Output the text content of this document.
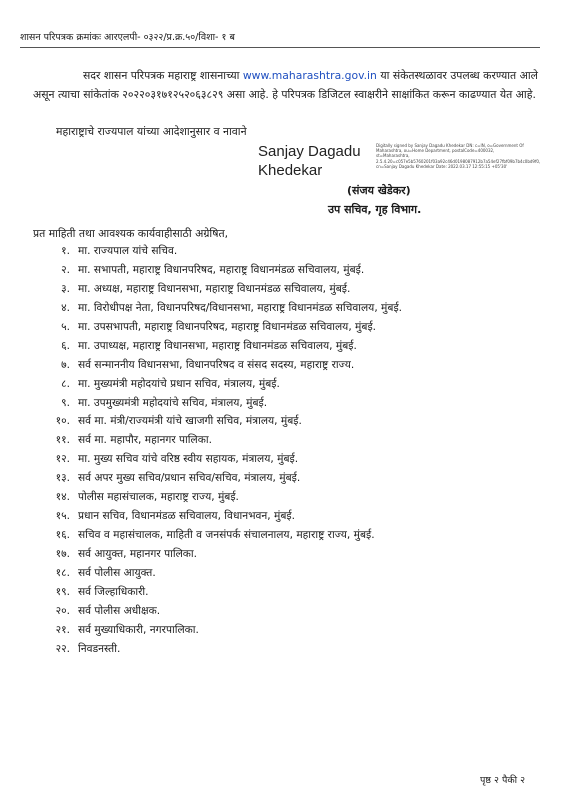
शासन परिपत्रक क्रमांकः आरएलपी- ०३२२/प्र.क्र.५०/विशा- १ ब
सदर शासन परिपत्रक महाराष्ट्र शासनाच्या www.maharashtra.gov.in या संकेतस्थळावर उपलब्ध करण्यात आले असून त्याचा सांकेतांक २०२२०३१७१२५२०६३८२९ असा आहे. हे परिपत्रक डिजिटल स्वाक्षरीने साक्षांकित करून काढण्यात येत आहे.
महाराष्ट्राचे राज्यपाल यांच्या आदेशानुसार व नावाने
Sanjay Dagadu
Khedekar
Digitally signed by Sanjay Dagadu Khedekar DN: c=IN, o=Government Of Maharashtra, ou=Home Department, postalCode=400032, st=Maharashtra, 2.5.4.20=c057e5b5760201f03a92c46d0198087912b7a54ef27fbf09b7b4c0bd9f0, cn=Sanjay Dagadu Khedekar Date: 2022.03.17 12:55:15 +05'30'
(संजय खेडेकर)
उप सचिव, गृह विभाग.
प्रत माहिती तथा आवश्यक कार्यवाहीसाठी अग्रेषित,
१. मा. राज्यपाल यांचे सचिव.
२. मा. सभापती, महाराष्ट्र विधानपरिषद, महाराष्ट्र विधानमंडळ सचिवालय, मुंबई.
३. मा. अध्यक्ष, महाराष्ट्र विधानसभा, महाराष्ट्र विधानमंडळ सचिवालय, मुंबई.
४. मा. विरोधीपक्ष नेता, विधानपरिषद/विधानसभा, महाराष्ट्र विधानमंडळ सचिवालय, मुंबई.
५. मा. उपसभापती, महाराष्ट्र विधानपरिषद, महाराष्ट्र विधानमंडळ सचिवालय, मुंबई.
६. मा. उपाध्यक्ष, महाराष्ट्र विधानसभा, महाराष्ट्र विधानमंडळ सचिवालय, मुंबई.
७. सर्व सन्माननीय विधानसभा, विधानपरिषद व संसद सदस्य, महाराष्ट्र राज्य.
८. मा. मुख्यमंत्री महोदयांचे प्रधान सचिव, मंत्रालय, मुंबई.
९. मा. उपमुख्यमंत्री महोदयांचे सचिव, मंत्रालय, मुंबई.
१०. सर्व मा. मंत्री/राज्यमंत्री यांचे खाजगी सचिव, मंत्रालय, मुंबई.
११. सर्व मा. महापौर, महानगर पालिका.
१२. मा. मुख्य सचिव यांचे वरिष्ठ स्वीय सहायक, मंत्रालय, मुंबई.
१३. सर्व अपर मुख्य सचिव/प्रधान सचिव/सचिव, मंत्रालय, मुंबई.
१४. पोलीस महासंचालक, महाराष्ट्र राज्य, मुंबई.
१५. प्रधान सचिव, विधानमंडळ सचिवालय, विधानभवन, मुंबई.
१६. सचिव व महासंचालक, माहिती व जनसंपर्क संचालनालय, महाराष्ट्र राज्य, मुंबई.
१७. सर्व आयुक्त, महानगर पालिका.
१८. सर्व पोलीस आयुक्त.
१९. सर्व जिल्हाधिकारी.
२०. सर्व पोलीस अधीक्षक.
२१. सर्व मुख्याधिकारी, नगरपालिका.
२२. निवडनस्ती.
पृष्ठ २ पैकी २
